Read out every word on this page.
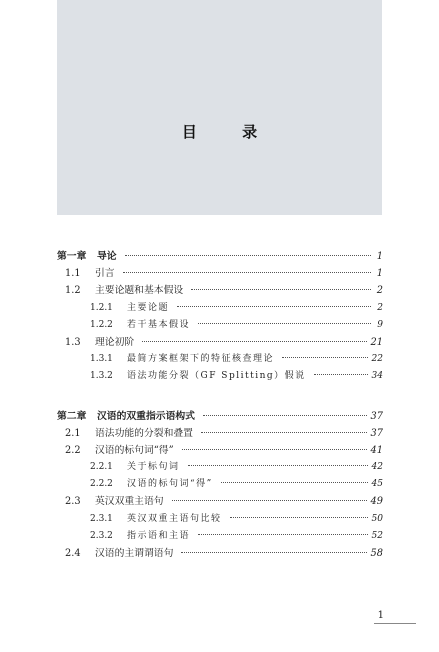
目 录
第一章	导论	1
1.1	引言	1
1.2	主要论题和基本假设	2
1.2.1	主要论题	2
1.2.2	若干基本假设	9
1.3	理论初阶	21
1.3.1	最简方案框架下的特征核查理论	22
1.3.2	语法功能分裂（GF Splitting）假说	34
第二章	汉语的双重指示语构式	37
2.1	语法功能的分裂和叠置	37
2.2	汉语的标句词“得”	41
2.2.1	关于标句词	42
2.2.2	汉语的标句词“得”	45
2.3	英汉双重主语句	49
2.3.1	英汉双重主语句比较	50
2.3.2	指示语和主语	52
2.4	汉语的主谓谓语句	58
1
